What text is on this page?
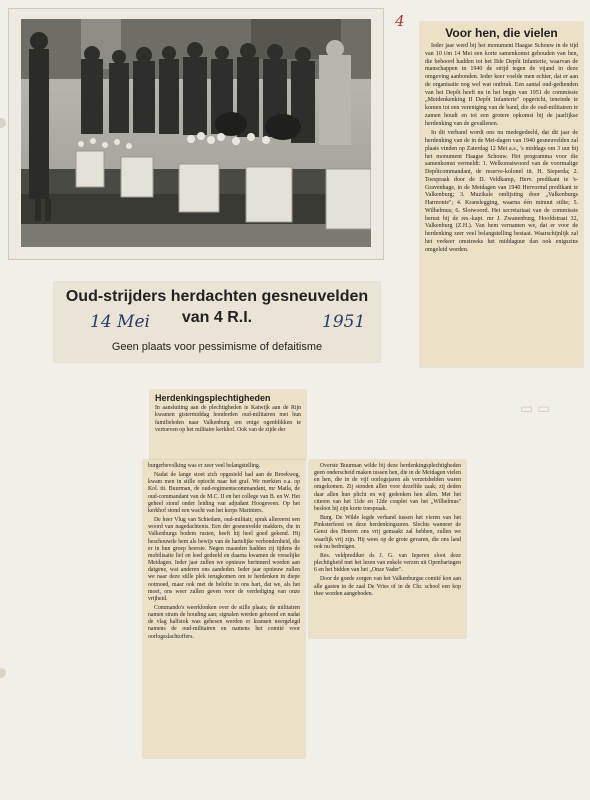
4
Voor hen, die vielen

Ieder jaar werd bij het monument Haagse Schouw in de tijd van 10 t/m 14 Mei een korte samenkomst gehouden van hen, die behoord hadden tot het IIde Depôt Infanterie, waarvan de manschappen in 1940 de strijd tegen de vijand in deze omgeving aanbonden. Ieder keer voelde men echter, dat er aan de organisatie nog wel wat ontbrak. Een aantal oud-gedienden van het Depôt heeft nu in het begin van 1951 de commissie „Meidenkenking II Depôt Infanterie" opgericht, teneinde te komen tot een vereniging van de band, die de oud-militairen te zamen houdt en tot een grotere opkomst bij de jaarlijkse herdenking van de gevallenen.

In dit verband wordt ons nu medegedeeld, dat dit jaar de herdenking van de in de Mei-dagen van 1940 gesneuvelden zal plaats vinden op Zaterdag 12 Mei a.s., 's middags om 3 uur bij het monument Haagse Schouw. Het programma voor die samenkomst vermeldt: 1. Welkomstwoord van de voormalige Depôtcommandant, de reserve-kolonel tit. H. Sieperda; 2. Toespraak door de D. Veldkamp, Herv. predikant te 's-Gravenhage, in de Meidagen van 1940 Hervormd predikant te Valkenburg; 3. Muzikale omlijsting door „Valkenburgs Harmonie"; 4. Kranslegging, waarna één minuut stilte; 5. Wilhelmus; 6. Slotwoord. Het secretariaat van de commissie berust bij de res.-kapt. mr J. Zwanenburg, Hoofdstraat 32, Valkenburg (Z.H.). Van hem vernamen we, dat er voor de herdenking zeer veel belangstelling bestaat. Waarschijnlijk zal het verkeer omstreeks het middaguur dan ook enigszins omgeleid worden.

Oud-strijders herdachten gesneuvelden van 4 R.I.
Geen plaats voor pessimisme of defaitisme
14 Mei	1951
▭ ▭
Herdenkingsplechtigheden
In aansluiting aan de plechtigheden te Katwijk aan de Rijn kwamen gistermiddag honderden oud-militairen met hun familieleden naar Valkenburg om enige ogenblikken te vertoeven op het militaire kerkhof. Ook van de zijde der

burgerbevolking was er zeer veel belangstelling.

Nadat de lange stoet zich opgesteld had aan de Broekweg, kwam men in stille optocht naar het graf. We merkten o.a. op Kol. tit. Buurman, de oud-regimentscommandant, mr Matla, de oud-commandant van de M.C. II en het college van B. en W. Het geheel stond onder leiding van adjudant Hoogeveen. Op het kerkhof stond een wacht van het korps Mariniers.

De heer Vlug van Schiedam, oud-militair, sprak allereerst een woord van nagedachtenis. Een der gesneuvelde makkers, die in Valkenburgs bodem rusten, heeft hij heel goed gekend. Hij beschouwde hem als bewijs van de hartelijke verbondenheid, die er in hun groep heerste. Negen maanden hadden zij tijdens de mobilisatie lief en leed gedeeld en daarna kwamen de vreselijke Meidagen. Ieder jaar zullen we opnieuw herinnerd worden aan datgene, wat anderen ons aandeden. Ieder jaar opnieuw zullen we naar deze stille plek terugkomen om te herdenken in diepe ootmoed, maar ook met de belofte in ons hart, dat we, als het moet, ons weer zullen geven voor de verdediging van onze vrijheid.

Commando's weerklonken over de stille plaats; de militairen namen stram de houding aan; signalen werden gehoord en nadat de vlag halfstok was gehesen werden er kransen neergelegd namens de oud-militairen en namens het comité voor oorlogsslachtoffers.

Overste Buurman wilde bij deze herdenkingsplechtigheden geen onderscheid maken tussen hen, die in de Meidagen vielen en hen, die in de vijf oorlogsjaren als verzetshelden waren omgekomen. Zij stonden allen voor dezelfde zaak; zij deden daar allen hun plicht en wij gedenken hen allen. Met het citeren van het 11de en 12de couplet van het „Wilhelmus" besloot hij zijn korte toespraak.

Burg. De Wilde legde verband tussen het vieren van het Pinksterfeest en deze herdenkingsuren. Slechts wanneer de Geest des Heeren ons vrij gemaakt zal hebben, zullen we waarlijk vrij zijn. Hij wees op de grote gevaren, die ons land ook nu bedreigen.

Res. veldprediker ds J. G. van Ieperen sloot deze plechtigheid met het lezen van enkele verzen uit Openbaringen 6 en het bidden van het „Onze Vader".

Door de goede zorgen van het Valkenburgse comité kon aan alle gasten in de zaal De Vries of in de Chr. school een kop thee worden aangeboden.
